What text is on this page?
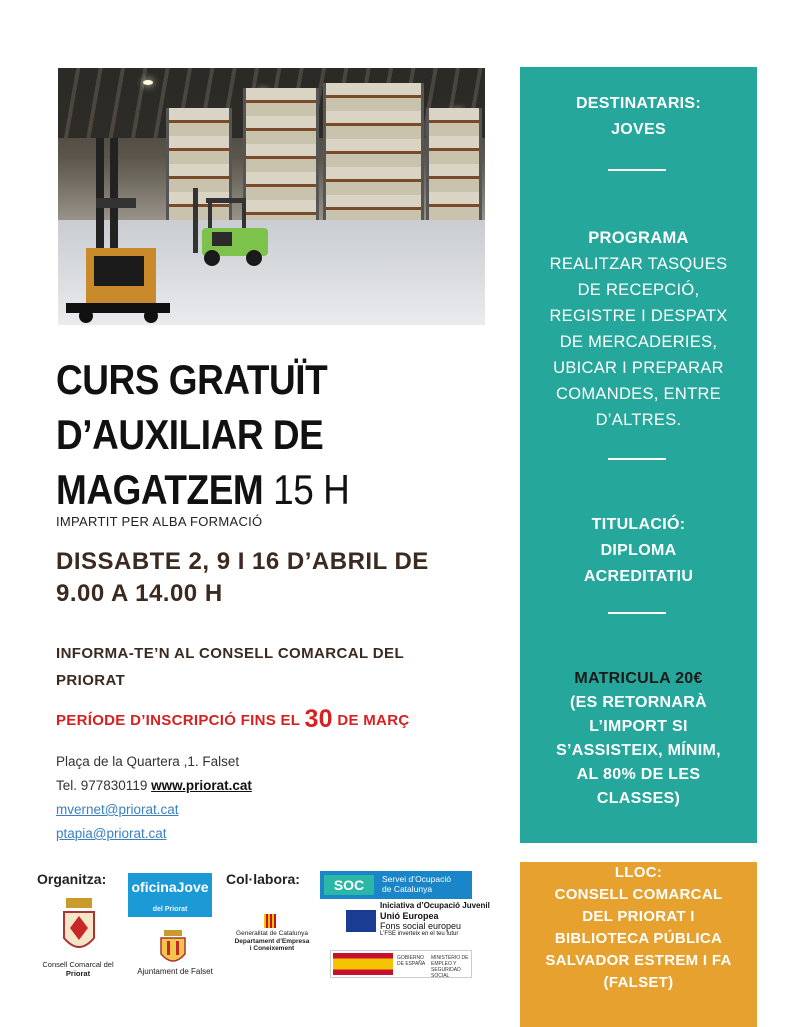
CURS GRATUÏT
D’AUXILIAR DE
MAGATZEM 15 H
IMPARTIT PER ALBA FORMACIÓ
DISSABTE 2, 9 I 16 D’ABRIL DE
9.00 A 14.00 H
INFORMA-TE’N AL CONSELL COMARCAL DEL
PRIORAT
PERÍODE D’INSCRIPCIÓ FINS EL 30 DE MARÇ
Plaça de la Quartera ,1. Falset
Tel. 977830119 www.priorat.cat
mvernet@priorat.cat
ptapia@priorat.cat
DESTINATARIS:
JOVES
PROGRAMA
REALITZAR TASQUES
DE RECEPCIÓ,
REGISTRE I DESPATX
DE MERCADERIES,
UBICAR I PREPARAR
COMANDES, ENTRE
D’ALTRES.
TITULACIÓ:
DIPLOMA
ACREDITATIU
MATRICULA 20€
(ES RETORNARÀ
L’IMPORT SI
S’ASSISTEIX, MÍNIM,
AL 80% DE LES
CLASSES)
LLOC:
CONSELL COMARCAL
DEL PRIORAT I
BIBLIOTECA PÚBLICA
SALVADOR ESTREM I FA
(FALSET)
Organitza:	Col·labora:
Consell Comarcal del
Priorat
oficinaJove
del Priorat
Ajuntament de Falset
Generalitat de Catalunya
Departament d’Empresa
i Coneixement
SOC	Servei d’Ocupació
de Catalunya
Iniciativa d’Ocupació Juvenil
Unió Europea
Fons social europeu
L’FSE inverteix en el teu futur
GOBIERNO DE ESPAÑA
MINISTERIO DE EMPLEO Y SEGURIDAD SOCIAL
